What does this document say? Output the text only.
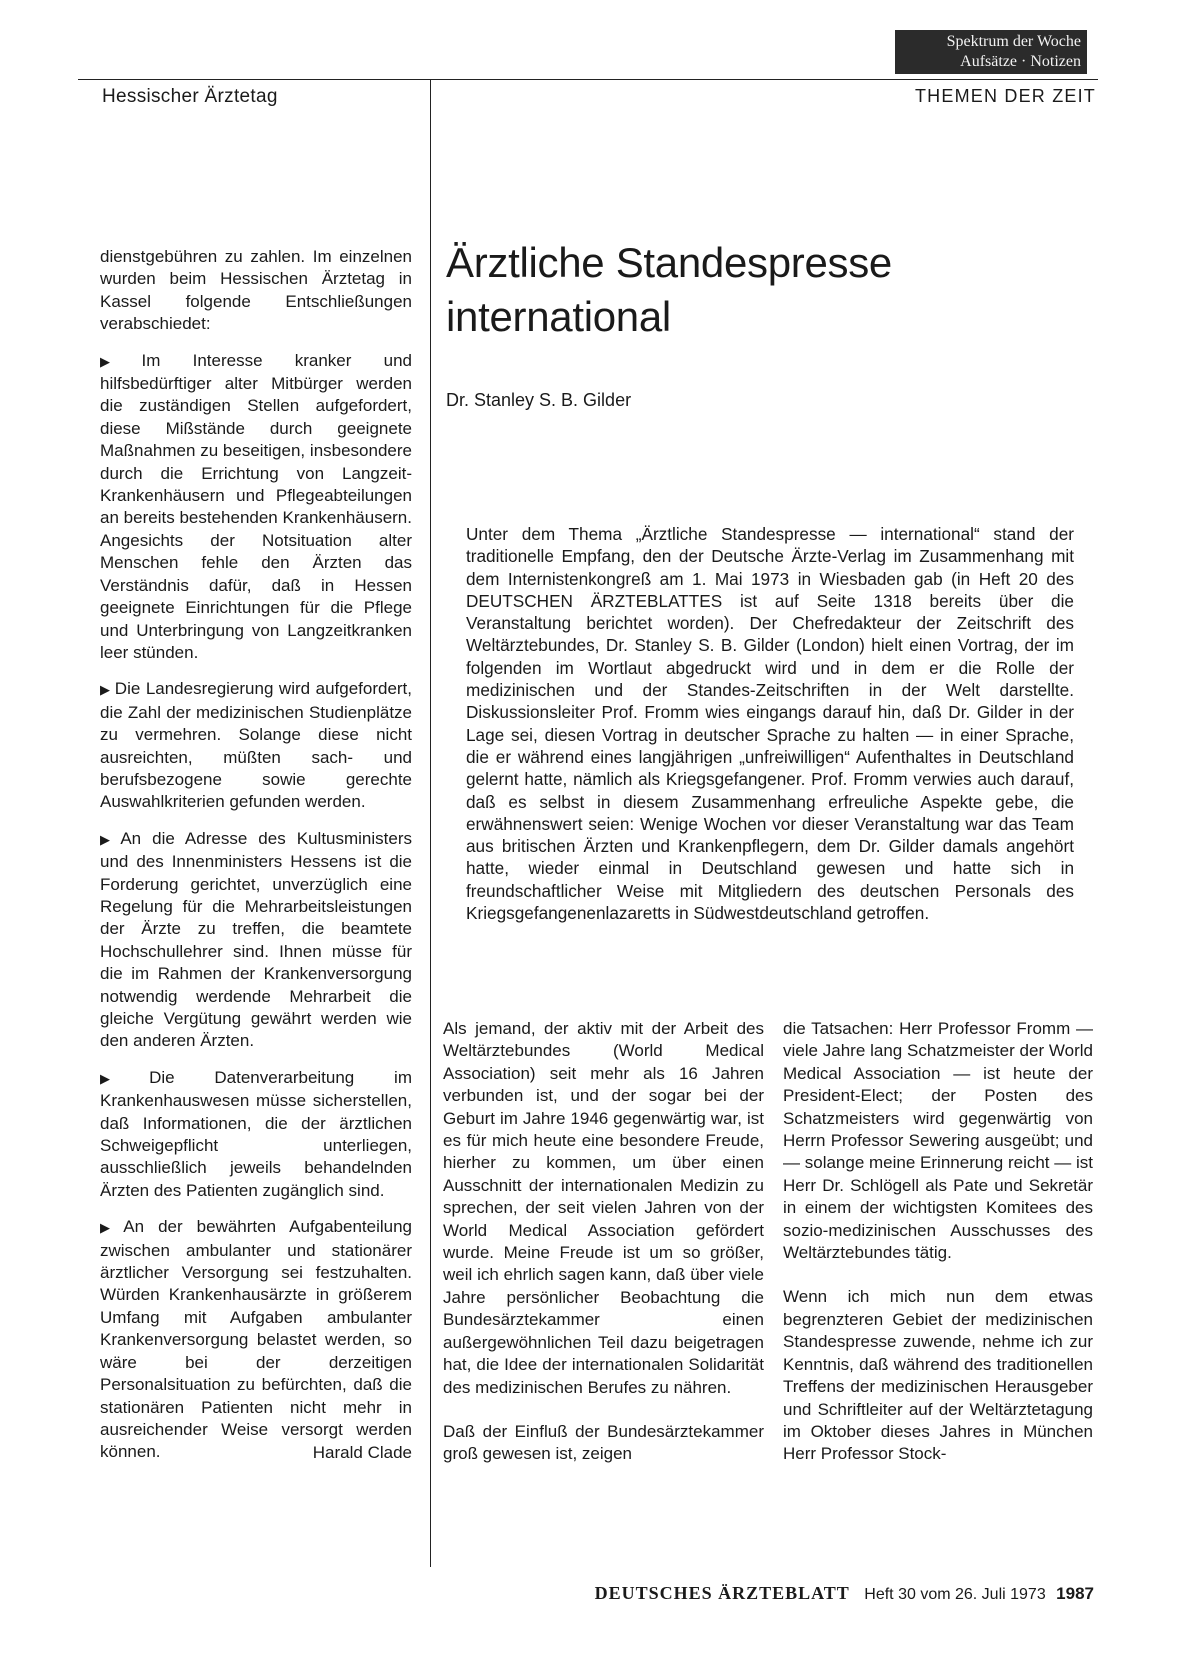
Spektrum der Woche
Aufsätze · Notizen
Hessischer Ärztetag	THEMEN DER ZEIT

dienstgebühren zu zahlen. Im einzelnen wurden beim Hessischen Ärztetag in Kassel folgende Entschließungen verabschiedet:

▶ Im Interesse kranker und hilfsbedürftiger alter Mitbürger werden die zuständigen Stellen aufgefordert, diese Mißstände durch geeignete Maßnahmen zu beseitigen, insbesondere durch die Errichtung von Langzeit-Krankenhäusern und Pflegeabteilungen an bereits bestehenden Krankenhäusern. Angesichts der Notsituation alter Menschen fehle den Ärzten das Verständnis dafür, daß in Hessen geeignete Einrichtungen für die Pflege und Unterbringung von Langzeitkranken leer stünden.

▶ Die Landesregierung wird aufgefordert, die Zahl der medizinischen Studienplätze zu vermehren. Solange diese nicht ausreichten, müßten sach- und berufsbezogene sowie gerechte Auswahlkriterien gefunden werden.

▶ An die Adresse des Kultusministers und des Innenministers Hessens ist die Forderung gerichtet, unverzüglich eine Regelung für die Mehrarbeitsleistungen der Ärzte zu treffen, die beamtete Hochschullehrer sind. Ihnen müsse für die im Rahmen der Krankenversorgung notwendig werdende Mehrarbeit die gleiche Vergütung gewährt werden wie den anderen Ärzten.

▶ Die Datenverarbeitung im Krankenhauswesen müsse sicherstellen, daß Informationen, die der ärztlichen Schweigepflicht unterliegen, ausschließlich jeweils behandelnden Ärzten des Patienten zugänglich sind.

▶ An der bewährten Aufgabenteilung zwischen ambulanter und stationärer ärztlicher Versorgung sei festzuhalten. Würden Krankenhausärzte in größerem Umfang mit Aufgaben ambulanter Krankenversorgung belastet werden, so wäre bei der derzeitigen Personalsituation zu befürchten, daß die stationären Patienten nicht mehr in ausreichender Weise versorgt werden können.	Harald Clade

Ärztliche Standespresse international
Dr. Stanley S. B. Gilder

Unter dem Thema „Ärztliche Standespresse — international“ stand der traditionelle Empfang, den der Deutsche Ärzte-Verlag im Zusammenhang mit dem Internistenkongreß am 1. Mai 1973 in Wiesbaden gab (in Heft 20 des DEUTSCHEN ÄRZTEBLATTES ist auf Seite 1318 bereits über die Veranstaltung berichtet worden). Der Chefredakteur der Zeitschrift des Weltärztebundes, Dr. Stanley S. B. Gilder (London) hielt einen Vortrag, der im folgenden im Wortlaut abgedruckt wird und in dem er die Rolle der medizinischen und der Standes-Zeitschriften in der Welt darstellte. Diskussionsleiter Prof. Fromm wies eingangs darauf hin, daß Dr. Gilder in der Lage sei, diesen Vortrag in deutscher Sprache zu halten — in einer Sprache, die er während eines langjährigen „unfreiwilligen“ Aufenthaltes in Deutschland gelernt hatte, nämlich als Kriegsgefangener. Prof. Fromm verwies auch darauf, daß es selbst in diesem Zusammenhang erfreuliche Aspekte gebe, die erwähnenswert seien: Wenige Wochen vor dieser Veranstaltung war das Team aus britischen Ärzten und Krankenpflegern, dem Dr. Gilder damals angehört hatte, wieder einmal in Deutschland gewesen und hatte sich in freundschaftlicher Weise mit Mitgliedern des deutschen Personals des Kriegsgefangenenlazaretts in Südwestdeutschland getroffen.

Als jemand, der aktiv mit der Arbeit des Weltärztebundes (World Medical Association) seit mehr als 16 Jahren verbunden ist, und der sogar bei der Geburt im Jahre 1946 gegenwärtig war, ist es für mich heute eine besondere Freude, hierher zu kommen, um über einen Ausschnitt der internationalen Medizin zu sprechen, der seit vielen Jahren von der World Medical Association gefördert wurde. Meine Freude ist um so größer, weil ich ehrlich sagen kann, daß über viele Jahre persönlicher Beobachtung die Bundesärztekammer einen außergewöhnlichen Teil dazu beigetragen hat, die Idee der internationalen Solidarität des medizinischen Berufes zu nähren.

Daß der Einfluß der Bundesärztekammer groß gewesen ist, zeigen

die Tatsachen: Herr Professor Fromm — viele Jahre lang Schatzmeister der World Medical Association — ist heute der President-Elect; der Posten des Schatzmeisters wird gegenwärtig von Herrn Professor Sewering ausgeübt; und — solange meine Erinnerung reicht — ist Herr Dr. Schlögell als Pate und Sekretär in einem der wichtigsten Komitees des sozio-medizinischen Ausschusses des Weltärztebundes tätig.

Wenn ich mich nun dem etwas begrenzteren Gebiet der medizinischen Standespresse zuwende, nehme ich zur Kenntnis, daß während des traditionellen Treffens der medizinischen Herausgeber und Schriftleiter auf der Weltärztetagung im Oktober dieses Jahres in München Herr Professor Stock-

DEUTSCHES ÄRZTEBLATT Heft 30 vom 26. Juli 1973 1987
